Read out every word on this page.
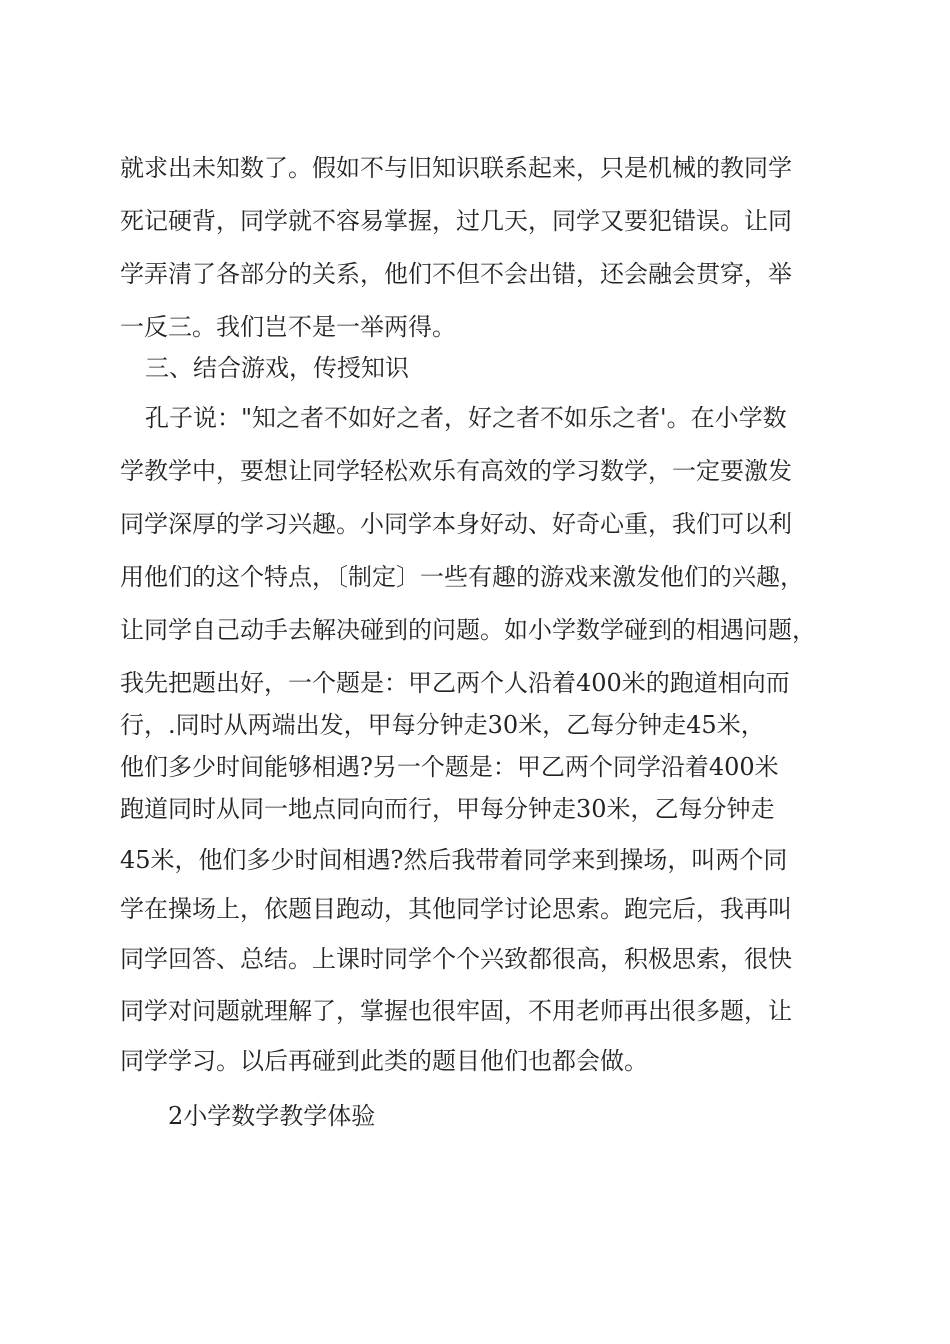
就求出未知数了。假如不与旧知识联系起来，只是机械的教同学
死记硬背，同学就不容易掌握，过几天，同学又要犯错误。让同
学弄清了各部分的关系，他们不但不会出错，还会融会贯穿，举
一反三。我们岂不是一举两得。
三、结合游戏，传授知识
孔子说："知之者不如好之者，好之者不如乐之者'。在小学数
学教学中，要想让同学轻松欢乐有高效的学习数学，一定要激发
同学深厚的学习兴趣。小同学本身好动、好奇心重，我们可以利
用他们的这个特点，〔制定〕一些有趣的游戏来激发他们的兴趣，
让同学自己动手去解决碰到的问题。如小学数学碰到的相遇问题，
我先把题出好，一个题是：甲乙两个人沿着400米的跑道相向而
行，.同时从两端出发，甲每分钟走30米，乙每分钟走45米，
他们多少时间能够相遇?另一个题是：甲乙两个同学沿着400米
跑道同时从同一地点同向而行，甲每分钟走30米，乙每分钟走
45米，他们多少时间相遇?然后我带着同学来到操场，叫两个同
学在操场上，依题目跑动，其他同学讨论思索。跑完后，我再叫
同学回答、总结。上课时同学个个兴致都很高，积极思索，很快
同学对问题就理解了，掌握也很牢固，不用老师再出很多题，让
同学学习。以后再碰到此类的题目他们也都会做。
2小学数学教学体验
